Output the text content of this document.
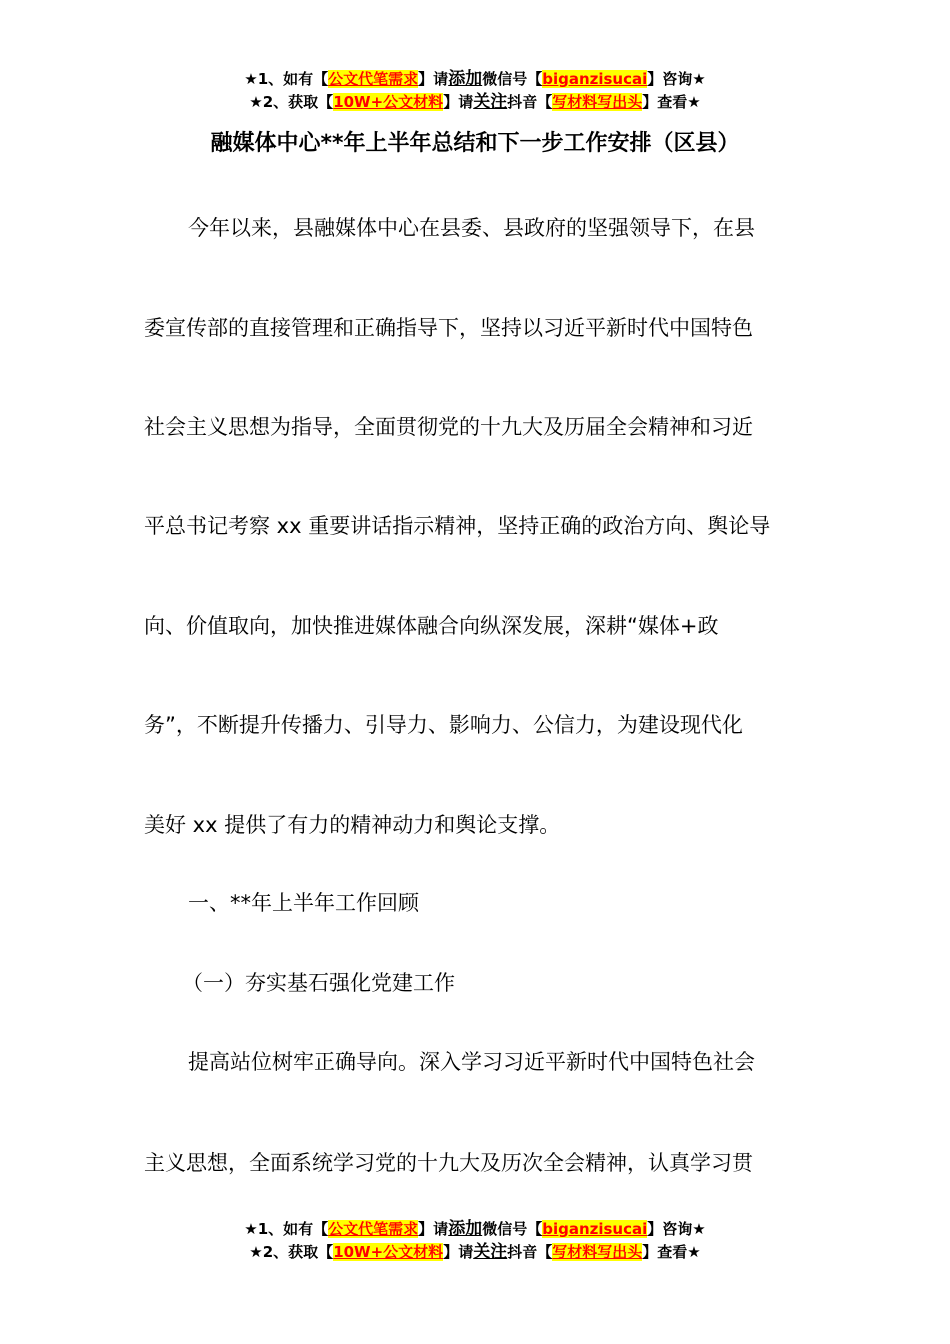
★1、如有【公文代笔需求】请添加微信号【biganzisucai】咨询★
★2、获取【10W+公文材料】请关注抖音【写材料写出头】查看★
融媒体中心**年上半年总结和下一步工作安排（区县）
今年以来，县融媒体中心在县委、县政府的坚强领导下，在县
委宣传部的直接管理和正确指导下，坚持以习近平新时代中国特色
社会主义思想为指导，全面贯彻党的十九大及历届全会精神和习近
平总书记考察 xx 重要讲话指示精神，坚持正确的政治方向、舆论导
向、价值取向，加快推进媒体融合向纵深发展，深耕“媒体+政
务”，不断提升传播力、引导力、影响力、公信力，为建设现代化
美好 xx 提供了有力的精神动力和舆论支撑。
一、**年上半年工作回顾
（一）夯实基石强化党建工作
提高站位树牢正确导向。深入学习习近平新时代中国特色社会
主义思想，全面系统学习党的十九大及历次全会精神，认真学习贯
★1、如有【公文代笔需求】请添加微信号【biganzisucai】咨询★
★2、获取【10W+公文材料】请关注抖音【写材料写出头】查看★
